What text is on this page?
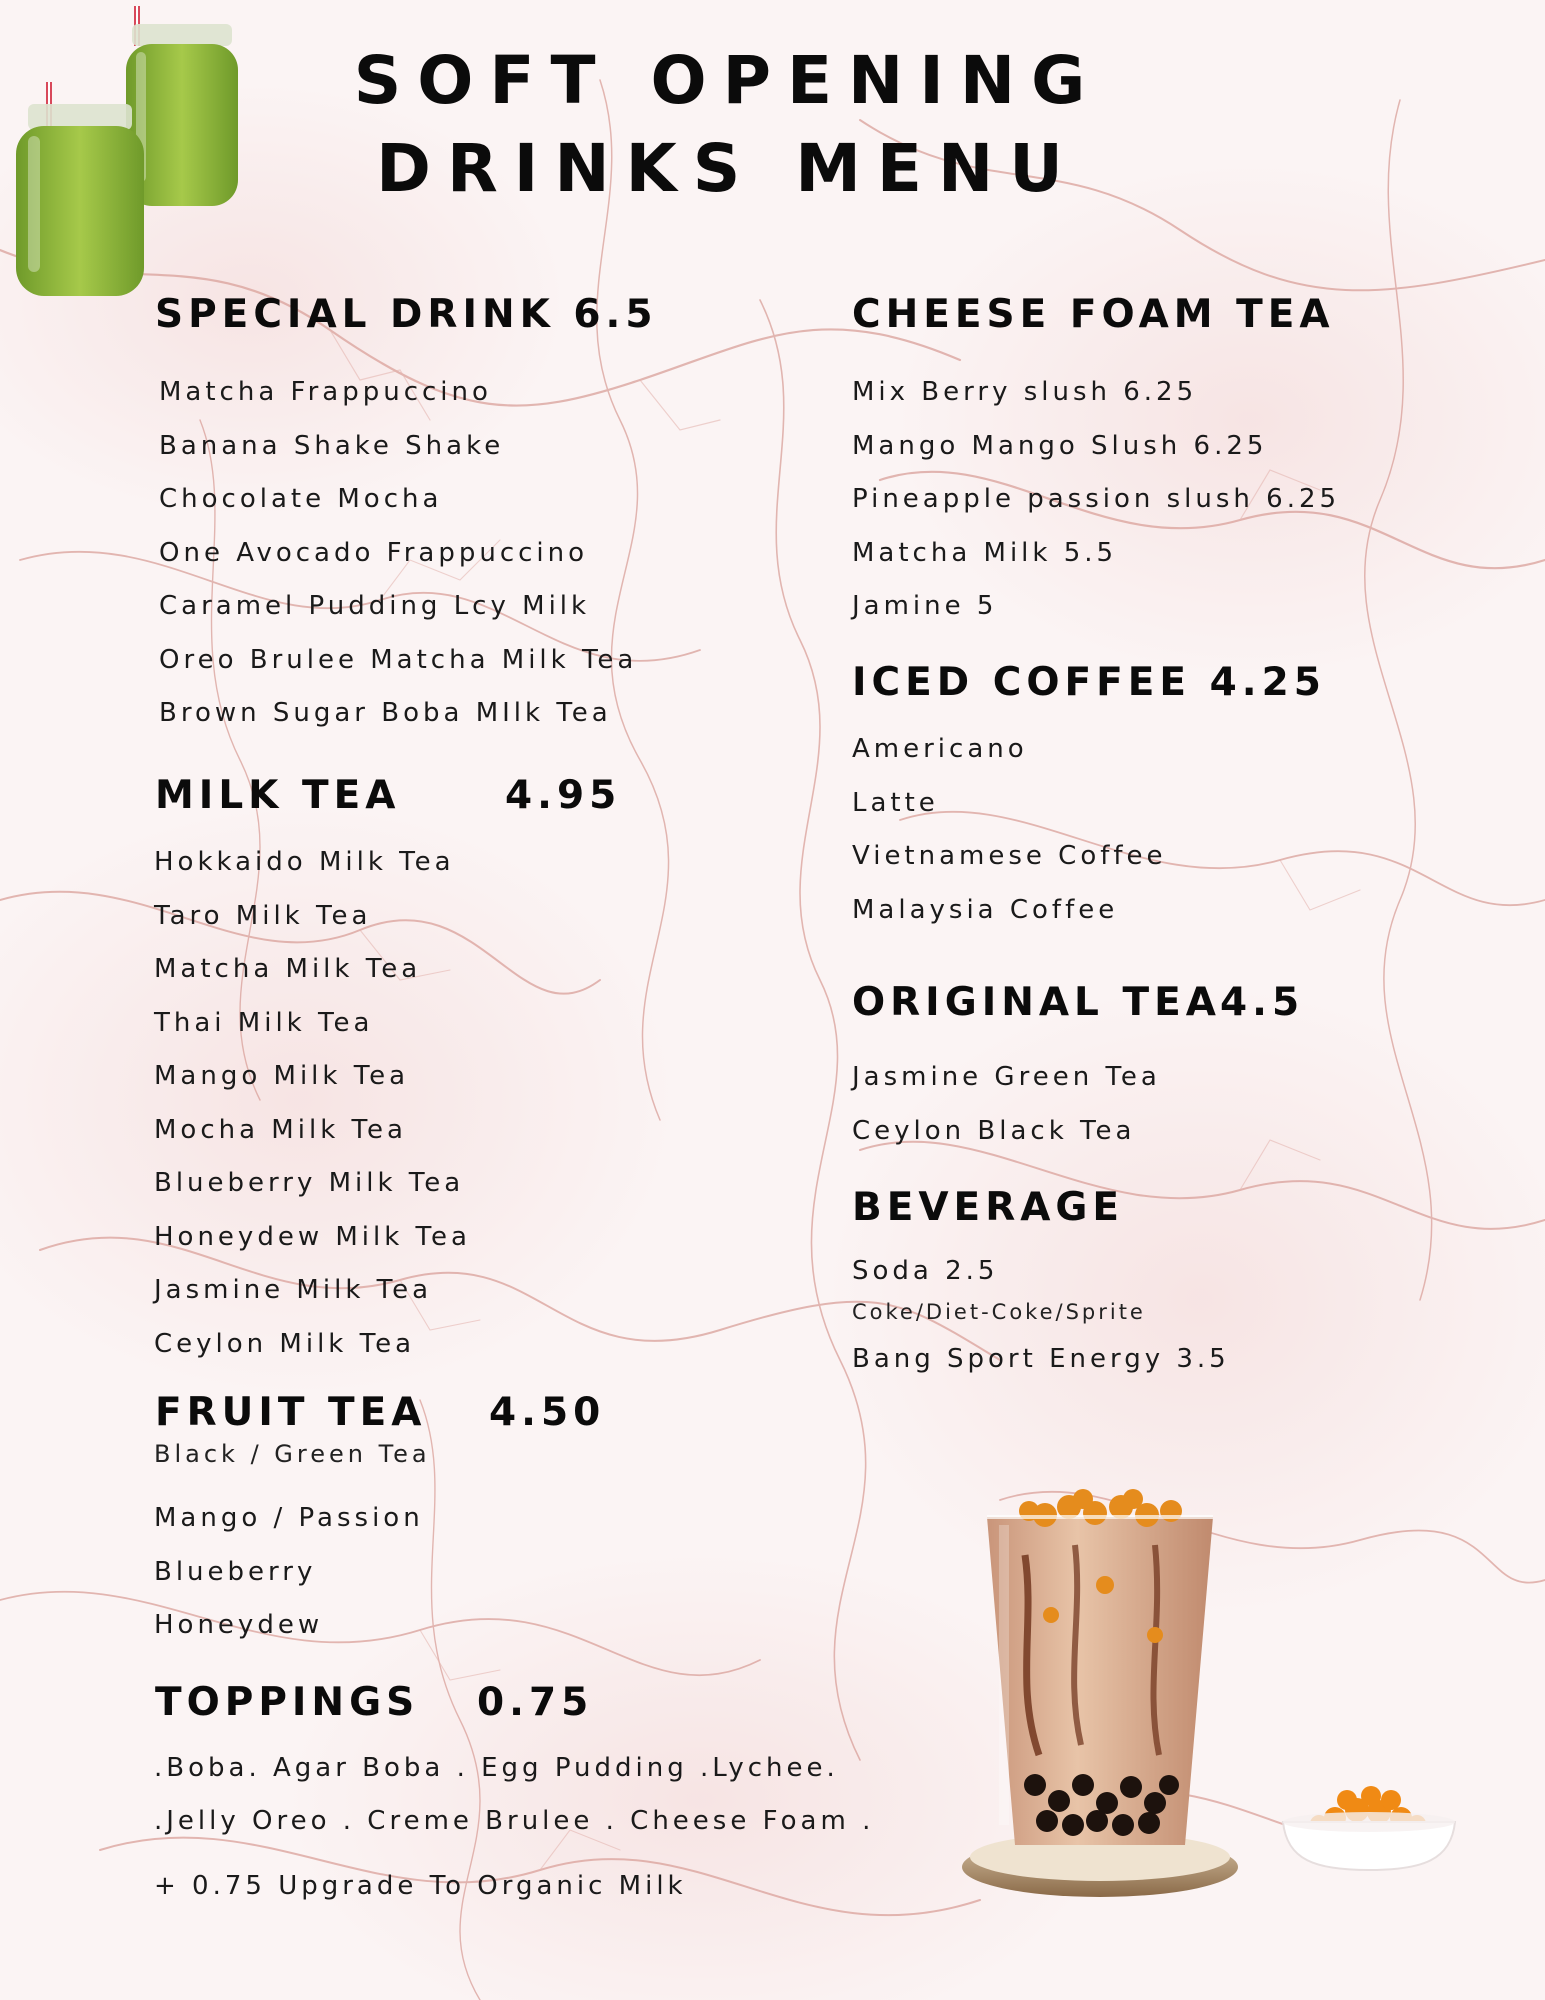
SOFT OPENING
DRINKS MENU
SPECIAL DRINK 6.5
Matcha Frappuccino
Banana Shake Shake
Chocolate Mocha
One Avocado Frappuccino
Caramel Pudding Lcy Milk
Oreo Brulee Matcha Milk Tea
Brown Sugar Boba MIlk Tea
MILK TEA	4.95
Hokkaido Milk Tea
Taro Milk Tea
Matcha Milk Tea
Thai Milk Tea
Mango Milk Tea
Mocha Milk Tea
Blueberry Milk Tea
Honeydew Milk Tea
Jasmine Milk Tea
Ceylon Milk Tea
FRUIT TEA 4.50
Black / Green Tea
Mango / Passion
Blueberry
Honeydew
TOPPINGS 0.75
.Boba. Agar Boba . Egg Pudding .Lychee.
.Jelly Oreo . Creme Brulee . Cheese Foam .
+ 0.75 Upgrade To Organic Milk
CHEESE FOAM TEA
Mix Berry slush 6.25
Mango Mango Slush 6.25
Pineapple passion slush 6.25
Matcha Milk 5.5
Jamine 5
ICED COFFEE 4.25
Americano
Latte
Vietnamese Coffee
Malaysia Coffee
ORIGINAL TEA 4.5
Jasmine Green Tea
Ceylon Black Tea
BEVERAGE
Soda 2.5
Coke/Diet-Coke/Sprite
Bang Sport Energy 3.5
